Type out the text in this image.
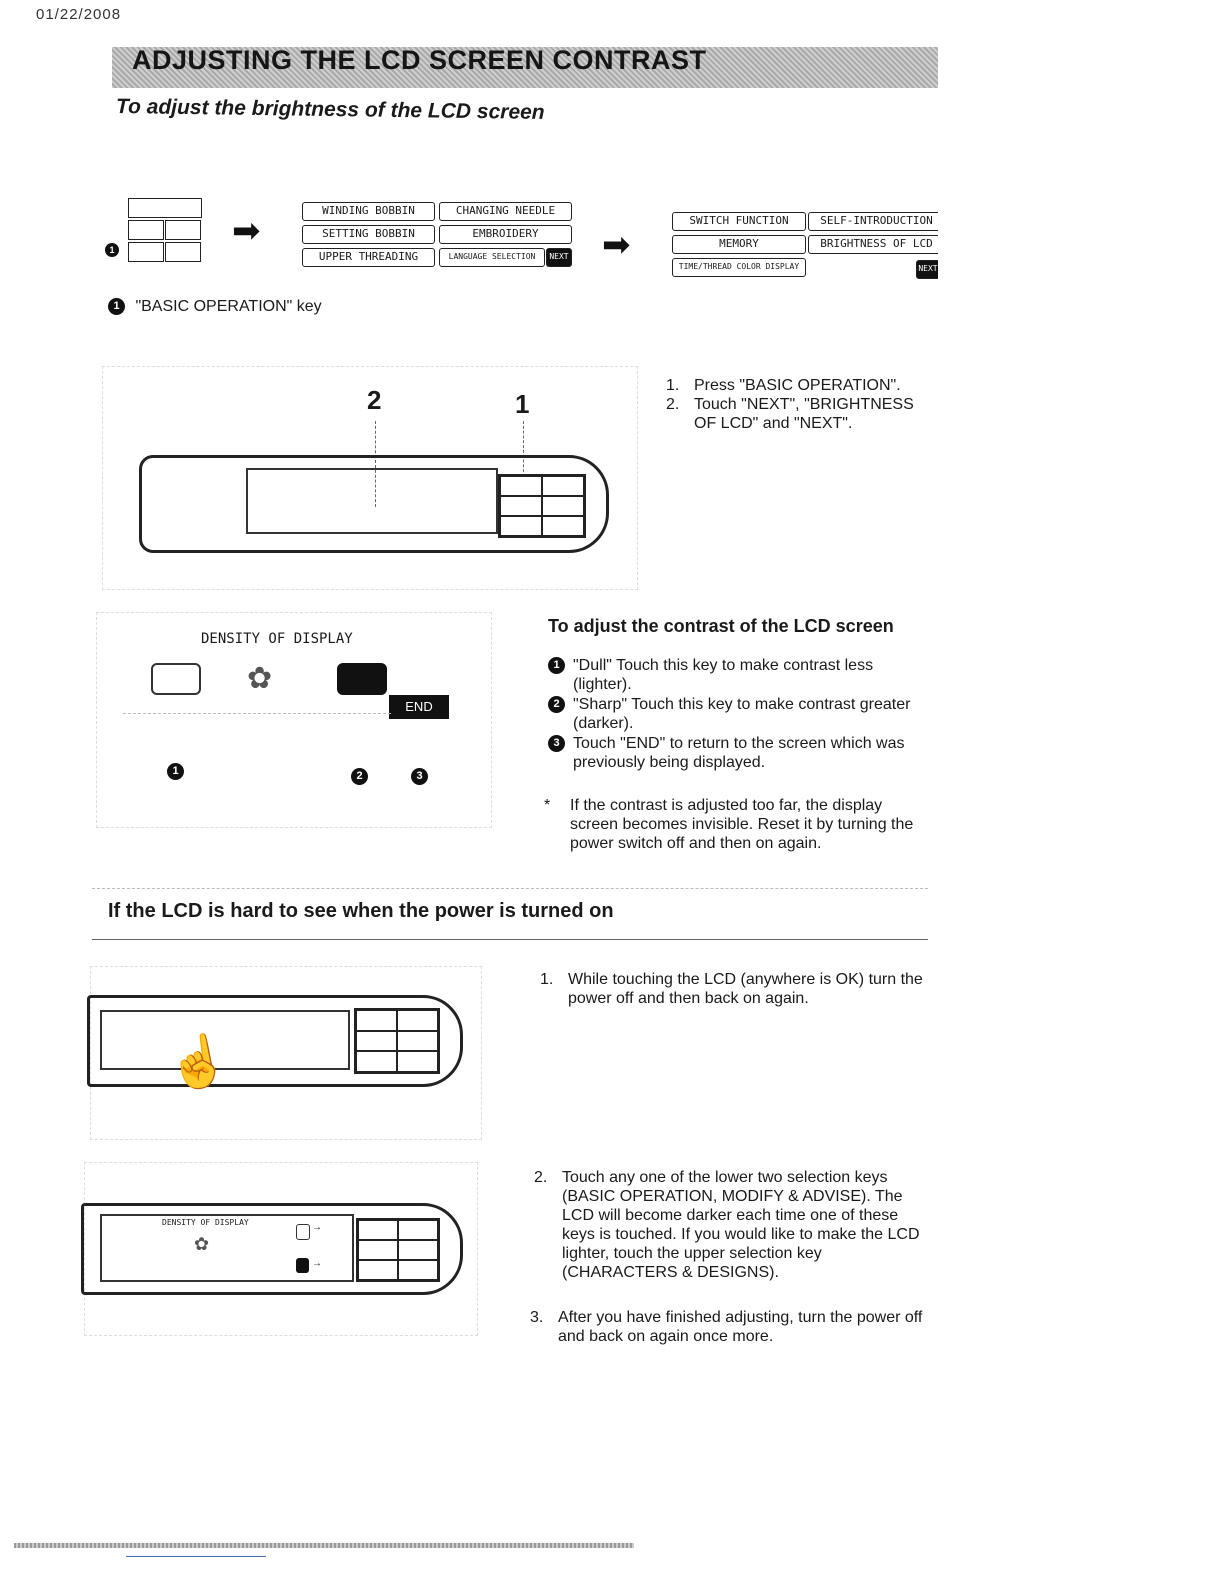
01/22/2008
ADJUSTING THE LCD SCREEN CONTRAST
To adjust the brightness of the LCD screen
1	➡
WINDING BOBBIN	CHANGING NEEDLE
SETTING BOBBIN	EMBROIDERY
UPPER THREADING	LANGUAGE SELECTION	NEXT ➡
SWITCH FUNCTION	SELF-INTRODUCTION
MEMORY	BRIGHTNESS OF LCD
TIME/THREAD COLOR DISPLAY	NEXT
1 "BASIC OPERATION" key
2	1
1. Press "BASIC OPERATION".
2. Touch "NEXT", "BRIGHTNESS OF LCD" and "NEXT".
DENSITY OF DISPLAY
✿
END
1	2	3
To adjust the contrast of the LCD screen
1 "Dull" Touch this key to make contrast less (lighter).
2 "Sharp" Touch this key to make contrast greater (darker).
3 Touch "END" to return to the screen which was previously being displayed.
*	If the contrast is adjusted too far, the display screen becomes invisible. Reset it by turning the power switch off and then on again.
If the LCD is hard to see when the power is turned on
☝
DENSITY OF DISPLAY
✿
→
→
1. While touching the LCD (anywhere is OK) turn the power off and then back on again.
2. Touch any one of the lower two selection keys (BASIC OPERATION, MODIFY & ADVISE). The LCD will become darker each time one of these keys is touched. If you would like to make the LCD lighter, touch the upper selection key (CHARACTERS & DESIGNS).
3. After you have finished adjusting, turn the power off and back on again once more.
